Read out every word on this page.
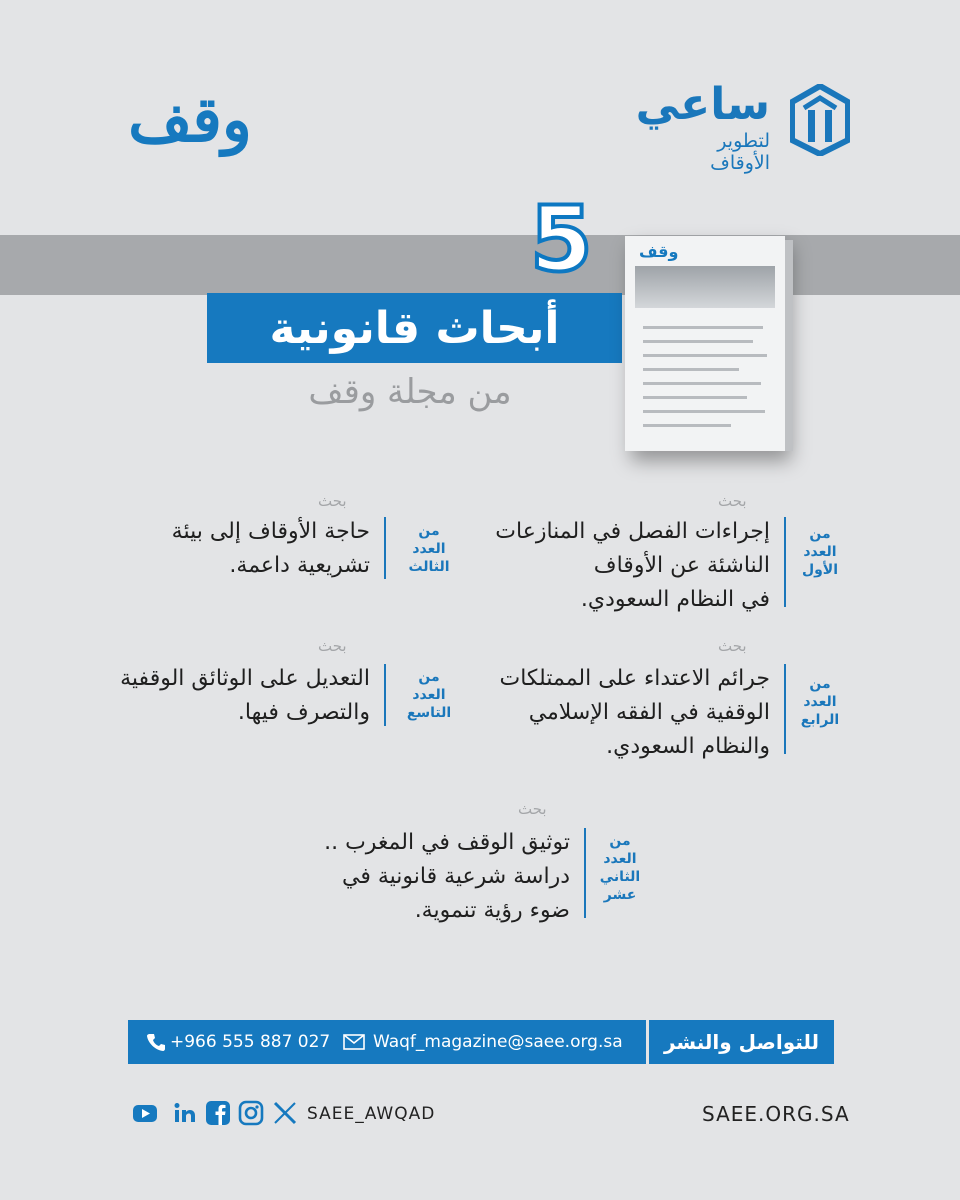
وقف	ساعي
لتطوير
الأوقاف
5
أبحاث قانونية
من مجلة وقف
وقف
بحث
إجراءات الفصل في المنازعات
الناشئة عن الأوقاف
في النظام السعودي.
من
العدد
الأول
بحث
حاجة الأوقاف إلى بيئة
تشريعية داعمة.
من
العدد
الثالث
بحث
جرائم الاعتداء على الممتلكات
الوقفية في الفقه الإسلامي
والنظام السعودي.
من
العدد
الرابع
بحث
التعديل على الوثائق الوقفية
والتصرف فيها.
من
العدد
التاسع
بحث
توثيق الوقف في المغرب ..
دراسة شرعية قانونية في
ضوء رؤية تنموية.
من
العدد
الثاني
عشر
للتواصل والنشر
Waqf_magazine@saee.org.sa
+966 555 887 027
SAEE_AWQAD	SAEE.ORG.SA
